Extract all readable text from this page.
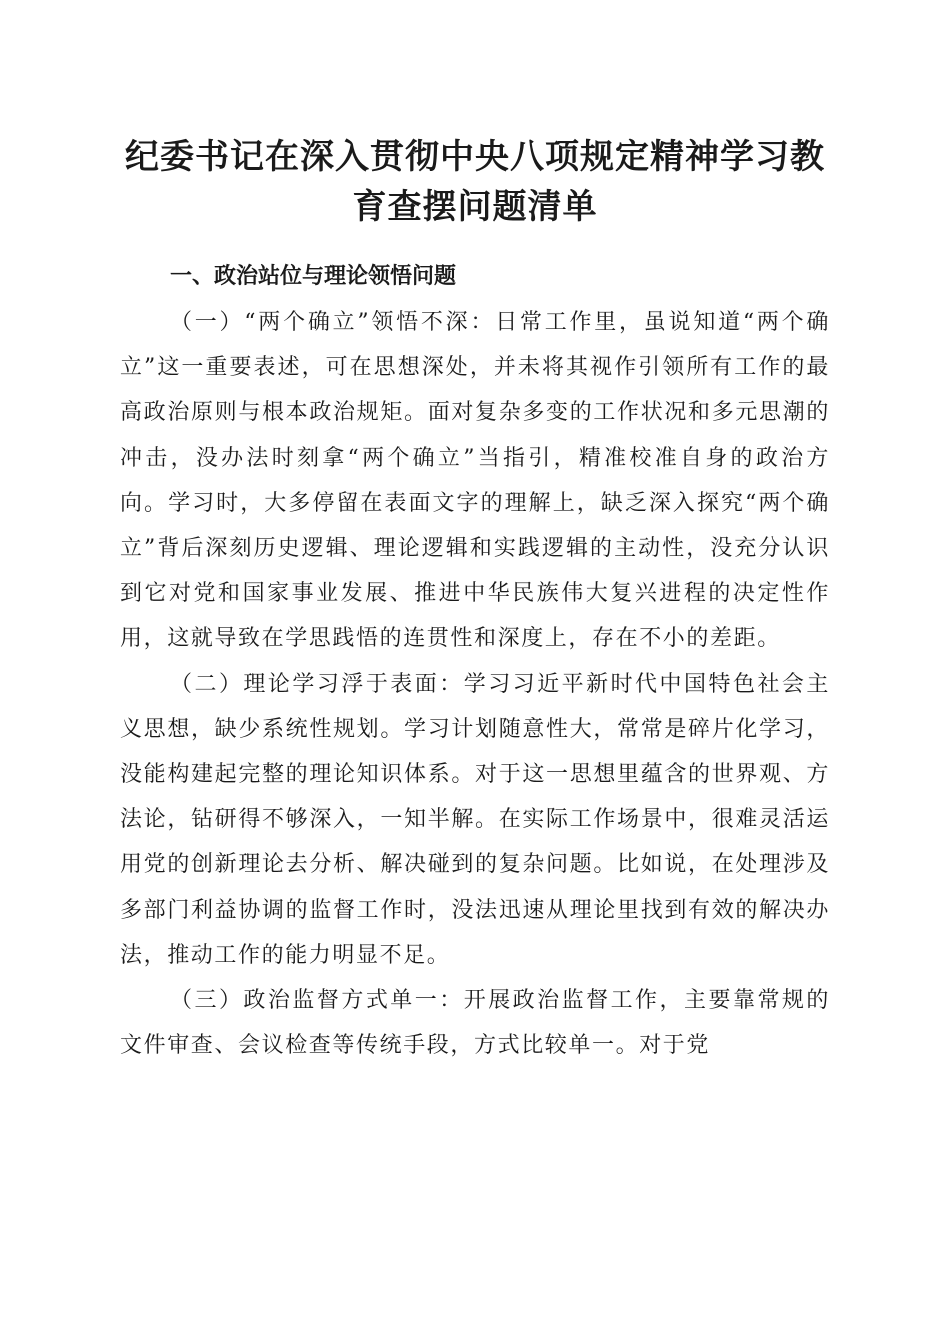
纪委书记在深入贯彻中央八项规定精神学习教
育查摆问题清单
一、政治站位与理论领悟问题

（一）“两个确立”领悟不深：日常工作里，虽说知道“两个确立”这一重要表述，可在思想深处，并未将其视作引领所有工作的最高政治原则与根本政治规矩。面对复杂多变的工作状况和多元思潮的冲击，没办法时刻拿“两个确立”当指引，精准校准自身的政治方向。学习时，大多停留在表面文字的理解上，缺乏深入探究“两个确立”背后深刻历史逻辑、理论逻辑和实践逻辑的主动性，没充分认识到它对党和国家事业发展、推进中华民族伟大复兴进程的决定性作用，这就导致在学思践悟的连贯性和深度上，存在不小的差距。

（二）理论学习浮于表面：学习习近平新时代中国特色社会主义思想，缺少系统性规划。学习计划随意性大，常常是碎片化学习，没能构建起完整的理论知识体系。对于这一思想里蕴含的世界观、方法论，钻研得不够深入，一知半解。在实际工作场景中，很难灵活运用党的创新理论去分析、解决碰到的复杂问题。比如说，在处理涉及多部门利益协调的监督工作时，没法迅速从理论里找到有效的解决办法，推动工作的能力明显不足。

（三）政治监督方式单一：开展政治监督工作，主要靠常规的文件审查、会议检查等传统手段，方式比较单一。对于党
